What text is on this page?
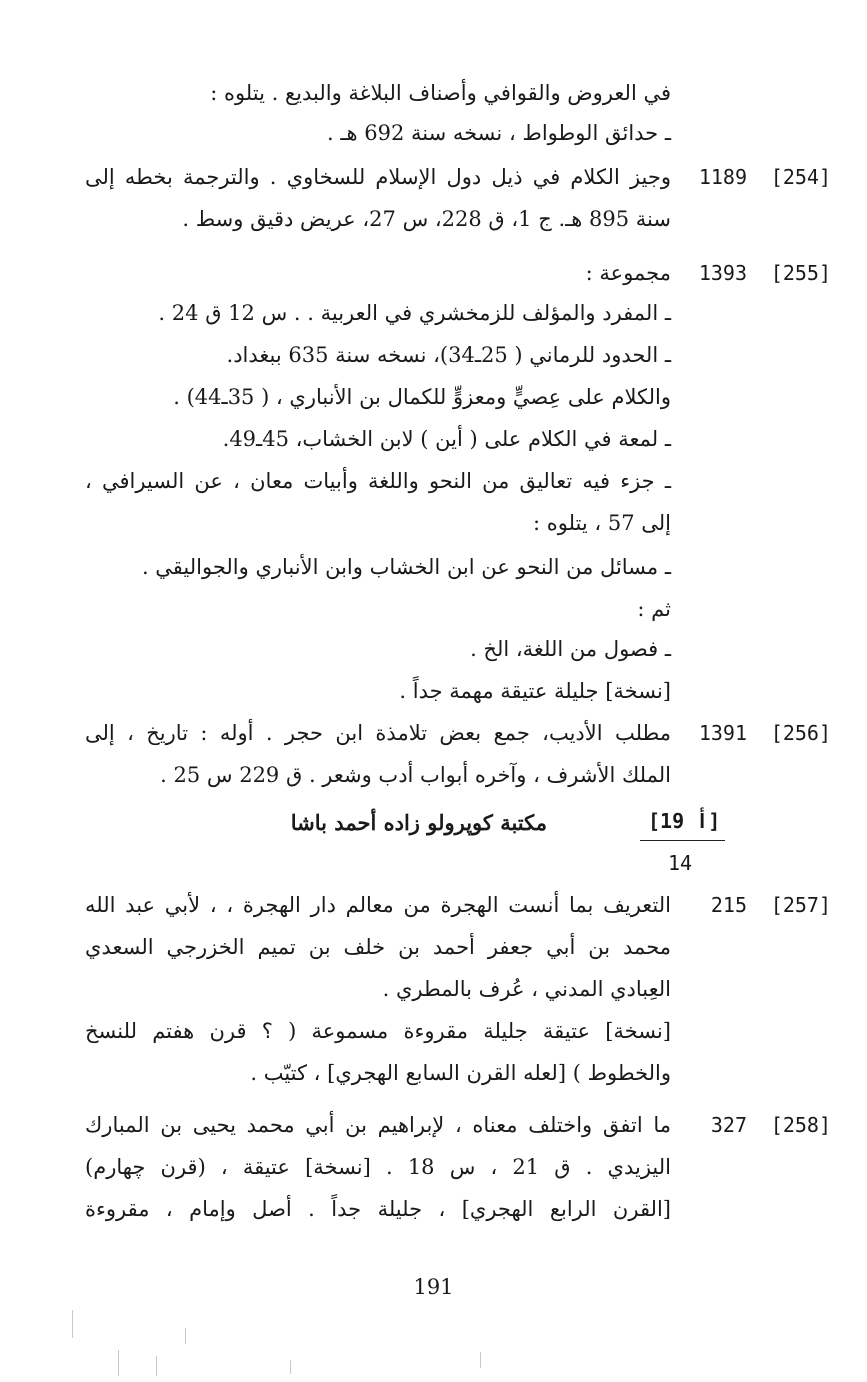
في العروض والقوافي وأصناف البلاغة والبديع . يتلوه :
ـ حدائق الوطواط ، نسخه سنة 692 هـ .
[254]
1189
وجيز الكلام في ذيل دول الإسلام للسخاوي . والترجمة بخطه إلى
سنة 895 هـ. ج 1، ق 228، س 27، عريض دقيق وسط .
[255]
1393
مجموعة :
ـ المفرد والمؤلف للزمخشري في العربية . . س 12 ق 24 .
ـ الحدود للرماني ( 25ـ34)، نسخه سنة 635 ببغداد.
والكلام على عِصيٍّ ومعزوٍّ للكمال بن الأنباري ، ( 35ـ44) .
ـ لمعة في الكلام على ( أين ) لابن الخشاب، 45ـ49.
ـ جزء فيه تعاليق من النحو واللغة وأبيات معان ، عن السيرافي ،
إلى 57 ، يتلوه :
ـ مسائل من النحو عن ابن الخشاب وابن الأنباري والجواليقي .
ثم :
ـ فصول من اللغة، الخ .
[نسخة] جليلة عتيقة مهمة جداً .
[256]
1391
مطلب الأديب، جمع بعض تلامذة ابن حجر . أوله : تاريخ ، إلى
الملك الأشرف ، وآخره أبواب أدب وشعر . ق 229 س 25 .
[19 أ]
مكتبة كوپرولو زاده أحمد باشا
14
[257]
215
التعريف بما أنست الهجرة من معالم دار الهجرة ، ، لأبي عبد الله
محمد بن أبي جعفر أحمد بن خلف بن تميم الخزرجي السعدي
العِبادي المدني ، عُرف بالمطري .
[نسخة] عتيقة جليلة مقروءة مسموعة ( ؟ قرن هفتم للنسخ
والخطوط ) [لعله القرن السابع الهجري] ، كتيّب .
[258]
327
ما اتفق واختلف معناه ، لإبراهيم بن أبي محمد يحيى بن المبارك
اليزيدي . ق 21 ، س 18 . [نسخة] عتيقة ، (قرن چهارم)
[القرن الرابع الهجري] ، جليلة جداً . أصل وإمام ، مقروءة
191
